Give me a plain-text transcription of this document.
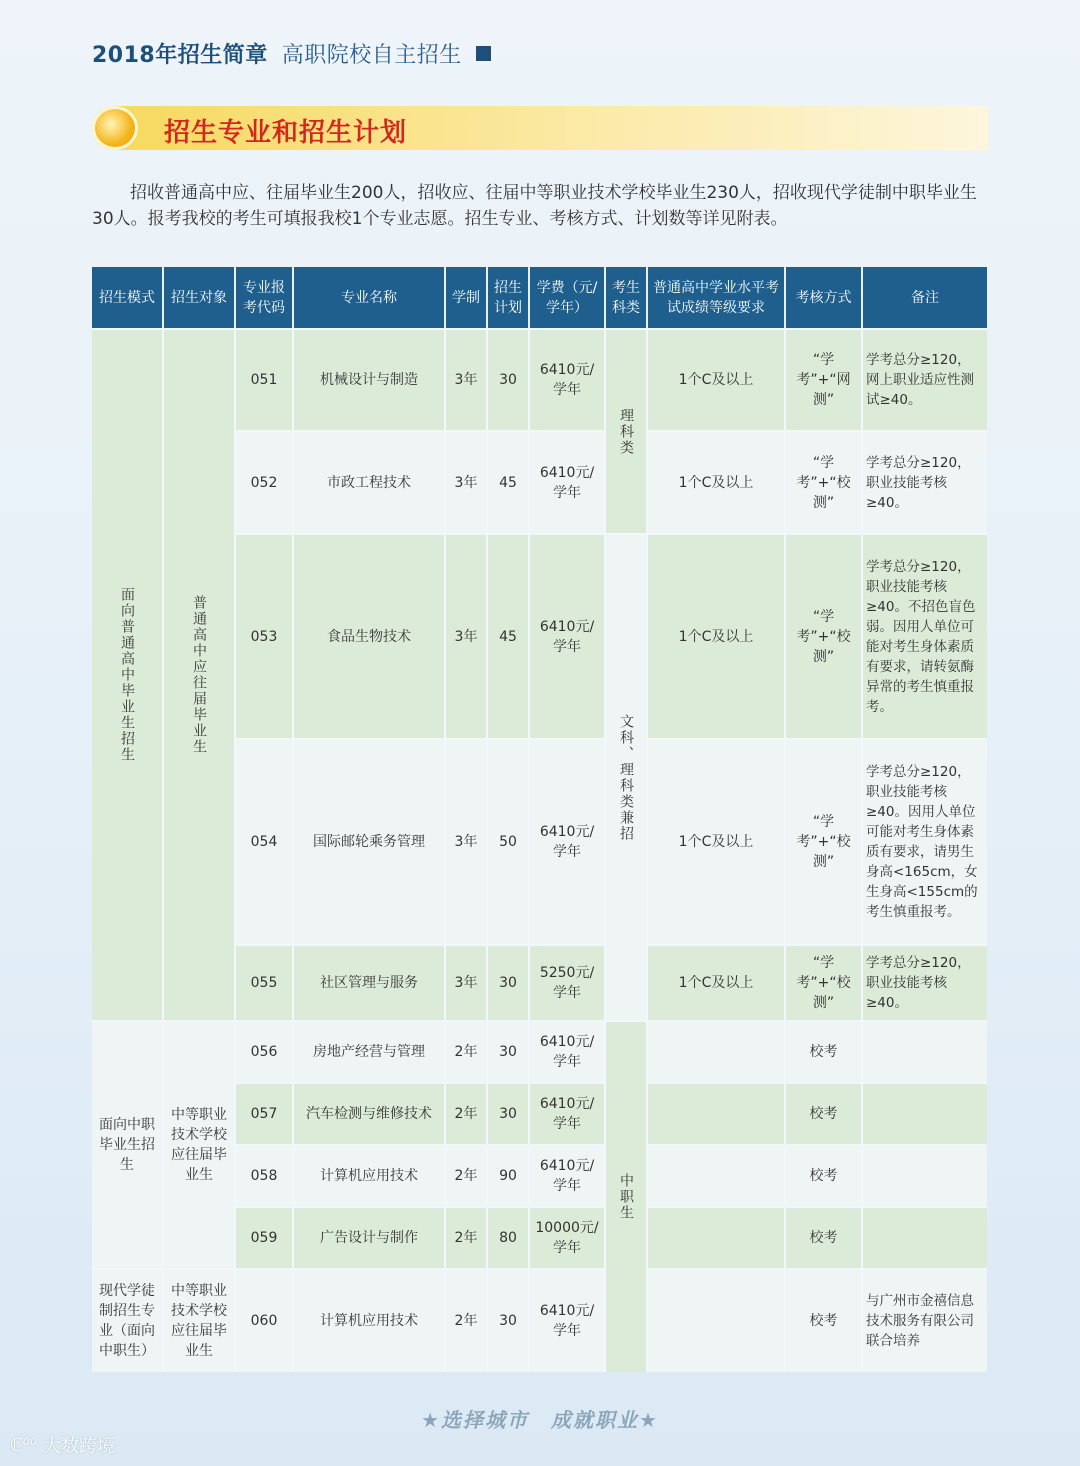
2018年招生简章 高职院校自主招生
招生专业和招生计划

招收普通高中应、往届毕业生200人，招收应、往届中等职业技术学校毕业生230人，招收现代学徒制中职毕业生30人。报考我校的考生可填报我校1个专业志愿。招生专业、考核方式、计划数等详见附表。

招生模式	招生对象	专业报考代码	专业名称	学制	招生计划	学费（元/学年）	考生科类	普通高中学业水平考试成绩等级要求	考核方式	备注

面向普通高中毕业生招生	普通高中应往届毕业生	051	机械设计与制造	3年	30	6410元/学年	理科类	1个C及以上	“学考”+“网测”	学考总分≥120，网上职业适应性测试≥40。
		052	市政工程技术	3年	45	6410元/学年		1个C及以上	“学考”+“校测”	学考总分≥120，职业技能考核≥40。
		053	食品生物技术	3年	45	6410元/学年	文科、理科类兼招	1个C及以上	“学考”+“校测”	学考总分≥120，职业技能考核≥40。不招色盲色弱。因用人单位可能对考生身体素质有要求，请转氨酶异常的考生慎重报考。
		054	国际邮轮乘务管理	3年	50	6410元/学年		1个C及以上	“学考”+“校测”	学考总分≥120，职业技能考核≥40。因用人单位可能对考生身体素质有要求，请男生身高<165cm，女生身高<155cm的考生慎重报考。
		055	社区管理与服务	3年	30	5250元/学年		1个C及以上	“学考”+“校测”	学考总分≥120，职业技能考核≥40。
面向中职毕业生招生	中等职业技术学校应往届毕业生	056	房地产经营与管理	2年	30	6410元/学年	中职生		校考	
		057	汽车检测与维修技术	2年	30	6410元/学年			校考	
		058	计算机应用技术	2年	90	6410元/学年			校考	
		059	广告设计与制作	2年	80	10000元/学年			校考	
现代学徒制招生专业（面向中职生）	中等职业技术学校应往届毕业生	060	计算机应用技术	2年	30	6410元/学年			校考	与广州市金禧信息技术服务有限公司联合培养
★选择城市　成就职业★
ℂ⁰⁰ 大数跨境
